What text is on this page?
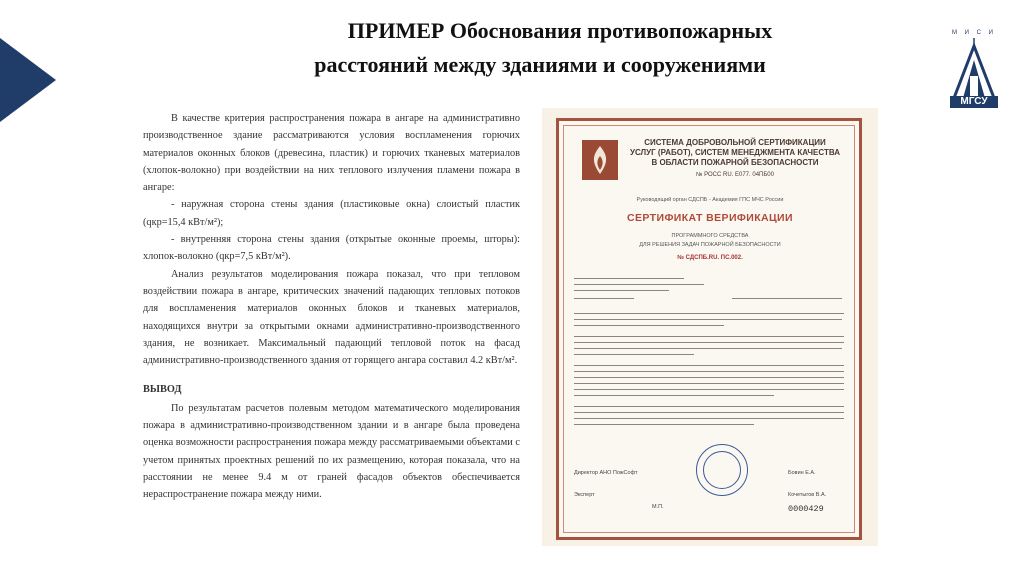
ПРИМЕР Обоснования противопожарных
расстояний между зданиями и сооружениями
М И С И
МГСУ

В качестве критерия распространения пожара в ангаре на административно производственное здание рассматриваются условия воспламенения горючих материалов оконных блоков (древесина, пластик) и горючих тканевых материалов (хлопок-волокно) при воздействии на них теплового излучения пламени пожара в ангаре:

- наружная сторона стены здания (пластиковые окна) слоистый пластик (qкр=15,4 кВт/м²);

- внутренняя сторона стены здания (открытые оконные проемы, шторы): хлопок-волокно (qкр=7,5 кВт/м²).

Анализ результатов моделирования пожара показал, что при тепловом воздействии пожара в ангаре, критических значений падающих тепловых потоков для воспламенения материалов оконных блоков и тканевых материалов, находящихся внутри за открытыми окнами административно-производственного здания, не возникает. Максимальный падающий тепловой поток на фасад административно-производственного здания от горящего ангара составил 4.2 кВт/м².

ВЫВОД

По результатам расчетов полевым методом математического моделирования пожара в административно-производственном здании и в ангаре была проведена оценка возможности распространения пожара между рассматриваемыми объектами с учетом принятых проектных решений по их размещению, которая показала, что на расстоянии не менее 9.4 м от граней фасадов объектов обеспечивается нераспространение пожара между ними.

СИСТЕМА ДОБРОВОЛЬНОЙ СЕРТИФИКАЦИИ
УСЛУГ (РАБОТ), СИСТЕМ МЕНЕДЖМЕНТА КАЧЕСТВА
В ОБЛАСТИ ПОЖАРНОЙ БЕЗОПАСНОСТИ
№ РОСС RU. Е077. 04ПБ00
Руководящий орган СДСПБ - Академия ГПС МЧС России
СЕРТИФИКАТ ВЕРИФИКАЦИИ
ПРОГРАММНОГО СРЕДСТВА
ДЛЯ РЕШЕНИЯ ЗАДАЧ ПОЖАРНОЙ БЕЗОПАСНОСТИ
№ СДСПБ.RU. ПС.002.
Директор АНО ПожСофт	Бовин Е.А.
Эксперт	Кочетыгов В.А.
М.П.	0000429
